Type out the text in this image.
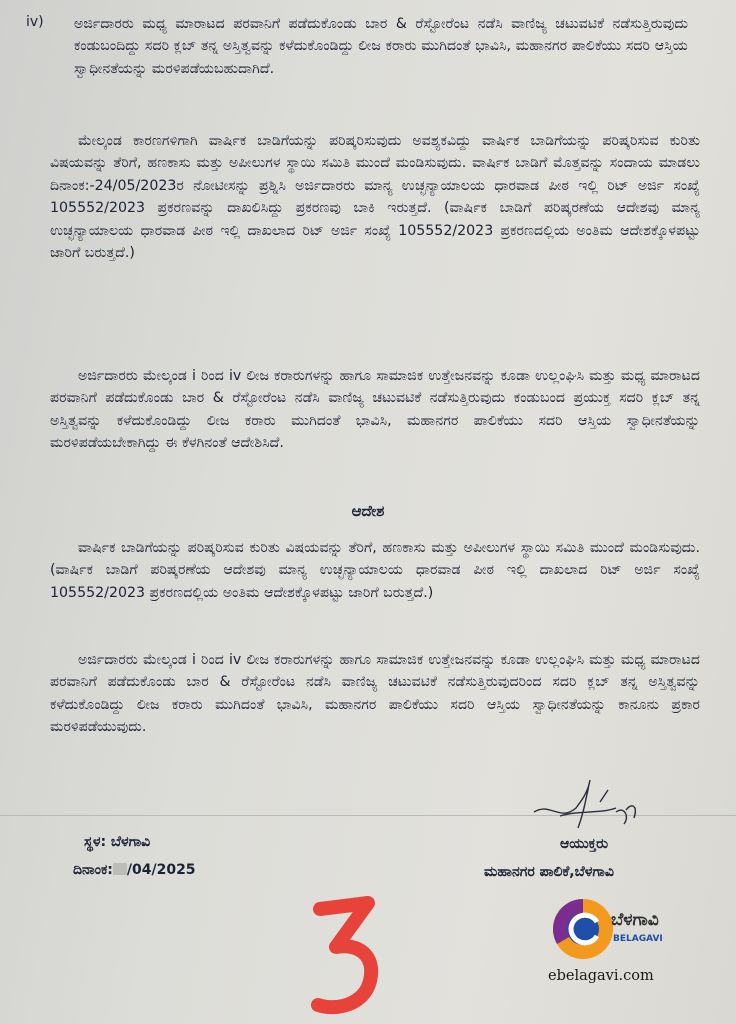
iv) ಅರ್ಜಿದಾರರು ಮಧ್ಯ ಮಾರಾಟದ ಪರವಾನಿಗೆ ಪಡೆದುಕೊಂಡು ಬಾರ & ರೆಸ್ಟೋರೆಂಟ ನಡೆಸಿ ವಾಣಿಜ್ಯ ಚಟುವಟಿಕೆ ನಡೆಸುತ್ತಿರುವುದು ಕಂಡುಬಂದಿದ್ದು ಸದರಿ ಕ್ಲಬ್ ತನ್ನ ಅಸ್ತಿತ್ವವನ್ನು ಕಳೆದುಕೊಂಡಿದ್ದು ಲೀಜ ಕರಾರು ಮುಗಿದಂತೆ ಭಾವಿಸಿ, ಮಹಾನಗರ ಪಾಲಿಕೆಯು ಸದರಿ ಆಸ್ತಿಯ ಸ್ವಾಧೀನತೆಯನ್ನು ಮರಳಿಪಡೆಯಬಹುದಾಗಿದೆ.

ಮೇಲ್ಕಂಡ ಕಾರಣಗಳಿಗಾಗಿ ವಾರ್ಷಿಕ ಬಾಡಿಗೆಯನ್ನು ಪರಿಷ್ಕರಿಸುವುದು ಅವಶ್ಯಕವಿದ್ದು ವಾರ್ಷಿಕ ಬಾಡಿಗೆಯನ್ನು ಪರಿಷ್ಕರಿಸುವ ಕುರಿತು ವಿಷಯವನ್ನು ತೆರಿಗೆ, ಹಣಕಾಸು ಮತ್ತು ಅಪೀಲುಗಳ ಸ್ಥಾಯಿ ಸಮಿತಿ ಮುಂದೆ ಮಂಡಿಸುವುದು. ವಾರ್ಷಿಕ ಬಾಡಿಗೆ ಮೊತ್ತವನ್ನು ಸಂದಾಯ ಮಾಡಲು ದಿನಾಂಕ:-24/05/2023ರ ನೋಟೀಸನ್ನು ಪ್ರಶ್ನಿಸಿ ಅರ್ಜಿದಾರರು ಮಾನ್ಯ ಉಚ್ಛನ್ಯಾಯಾಲಯ ಧಾರವಾಡ ಪೀಠ ಇಲ್ಲಿ ರಿಟ್ ಅರ್ಜಿ ಸಂಖ್ಯೆ 105552/2023 ಪ್ರಕರಣವನ್ನು ದಾಖಲಿಸಿದ್ದು ಪ್ರಕರಣವು ಬಾಕಿ ಇರುತ್ತದೆ. (ವಾರ್ಷಿಕ ಬಾಡಿಗೆ ಪರಿಷ್ಕರಣೆಯ ಆದೇಶವು ಮಾನ್ಯ ಉಚ್ಛನ್ಯಾಯಾಲಯ ಧಾರವಾಡ ಪೀಠ ಇಲ್ಲಿ ದಾಖಲಾದ ರಿಟ್ ಅರ್ಜಿ ಸಂಖ್ಯೆ 105552/2023 ಪ್ರಕರಣದಲ್ಲಿಯ ಅಂತಿಮ ಆದೇಶಕ್ಕೊಳಪಟ್ಟು ಜಾರಿಗೆ ಬರುತ್ತದೆ.)

ಅರ್ಜಿದಾರರು ಮೇಲ್ಕಂಡ i ರಿಂದ iv ಲೀಜ ಕರಾರುಗಳನ್ನು ಹಾಗೂ ಸಾಮಾಜಿಕ ಉತ್ತೇಜನವನ್ನು ಕೂಡಾ ಉಲ್ಲಂಘಿಸಿ ಮತ್ತು ಮಧ್ಯ ಮಾರಾಟದ ಪರವಾನಿಗೆ ಪಡೆದುಕೊಂಡು ಬಾರ & ರೆಸ್ಟೋರೆಂಟ ನಡೆಸಿ ವಾಣಿಜ್ಯ ಚಟುವಟಿಕೆ ನಡೆಸುತ್ತಿರುವುದು ಕಂಡುಬಂದ ಪ್ರಯುಕ್ತ ಸದರಿ ಕ್ಲಬ್ ತನ್ನ ಅಸ್ತಿತ್ವವನ್ನು ಕಳೆದುಕೊಂಡಿದ್ದು ಲೀಜ ಕರಾರು ಮುಗಿದಂತೆ ಭಾವಿಸಿ, ಮಹಾನಗರ ಪಾಲಿಕೆಯು ಸದರಿ ಆಸ್ತಿಯ ಸ್ವಾಧೀನತೆಯನ್ನು ಮರಳಿಪಡೆಯಬೇಕಾಗಿದ್ದು ಈ ಕೆಳಗಿನಂತೆ ಆದೇಶಿಸಿದೆ.

ಆದೇಶ

ವಾರ್ಷಿಕ ಬಾಡಿಗೆಯನ್ನು ಪರಿಷ್ಕರಿಸುವ ಕುರಿತು ವಿಷಯವನ್ನು ತೆರಿಗೆ, ಹಣಕಾಸು ಮತ್ತು ಅಪೀಲುಗಳ ಸ್ಥಾಯಿ ಸಮಿತಿ ಮುಂದೆ ಮಂಡಿಸುವುದು. (ವಾರ್ಷಿಕ ಬಾಡಿಗೆ ಪರಿಷ್ಕರಣೆಯ ಆದೇಶವು ಮಾನ್ಯ ಉಚ್ಛನ್ಯಾಯಾಲಯ ಧಾರವಾಡ ಪೀಠ ಇಲ್ಲಿ ದಾಖಲಾದ ರಿಟ್ ಅರ್ಜಿ ಸಂಖ್ಯೆ 105552/2023 ಪ್ರಕರಣದಲ್ಲಿಯ ಅಂತಿಮ ಆದೇಶಕ್ಕೊಳಪಟ್ಟು ಜಾರಿಗೆ ಬರುತ್ತದೆ.)

ಅರ್ಜಿದಾರರು ಮೇಲ್ಕಂಡ i ರಿಂದ iv ಲೀಜ ಕರಾರುಗಳನ್ನು ಹಾಗೂ ಸಾಮಾಜಿಕ ಉತ್ತೇಜನವನ್ನು ಕೂಡಾ ಉಲ್ಲಂಘಿಸಿ ಮತ್ತು ಮಧ್ಯ ಮಾರಾಟದ ಪರವಾನಿಗೆ ಪಡೆದುಕೊಂಡು ಬಾರ & ರೆಸ್ಟೋರೆಂಟ ನಡೆಸಿ ವಾಣಿಜ್ಯ ಚಟುವಟಿಕೆ ನಡೆಸುತ್ತಿರುವುದರಿಂದ ಸದರಿ ಕ್ಲಬ್ ತನ್ನ ಅಸ್ತಿತ್ವವನ್ನು ಕಳೆದುಕೊಂಡಿದ್ದು ಲೀಜ ಕರಾರು ಮುಗಿದಂತೆ ಭಾವಿಸಿ, ಮಹಾನಗರ ಪಾಲಿಕೆಯು ಸದರಿ ಆಸ್ತಿಯ ಸ್ವಾಧೀನತೆಯನ್ನು ಕಾನೂನು ಪ್ರಕಾರ ಮರಳಿಪಡೆಯುವುದು.

ಸ್ಥಳ: ಬೆಳಗಾವಿ
ದಿನಾಂಕ: /04/2025
ಆಯುಕ್ತರು
ಮಹಾನಗರ ಪಾಲಿಕೆ,ಬೆಳಗಾವಿ
ಬೆಳಗಾವಿ
BELAGAVI
ebelagavi.com
